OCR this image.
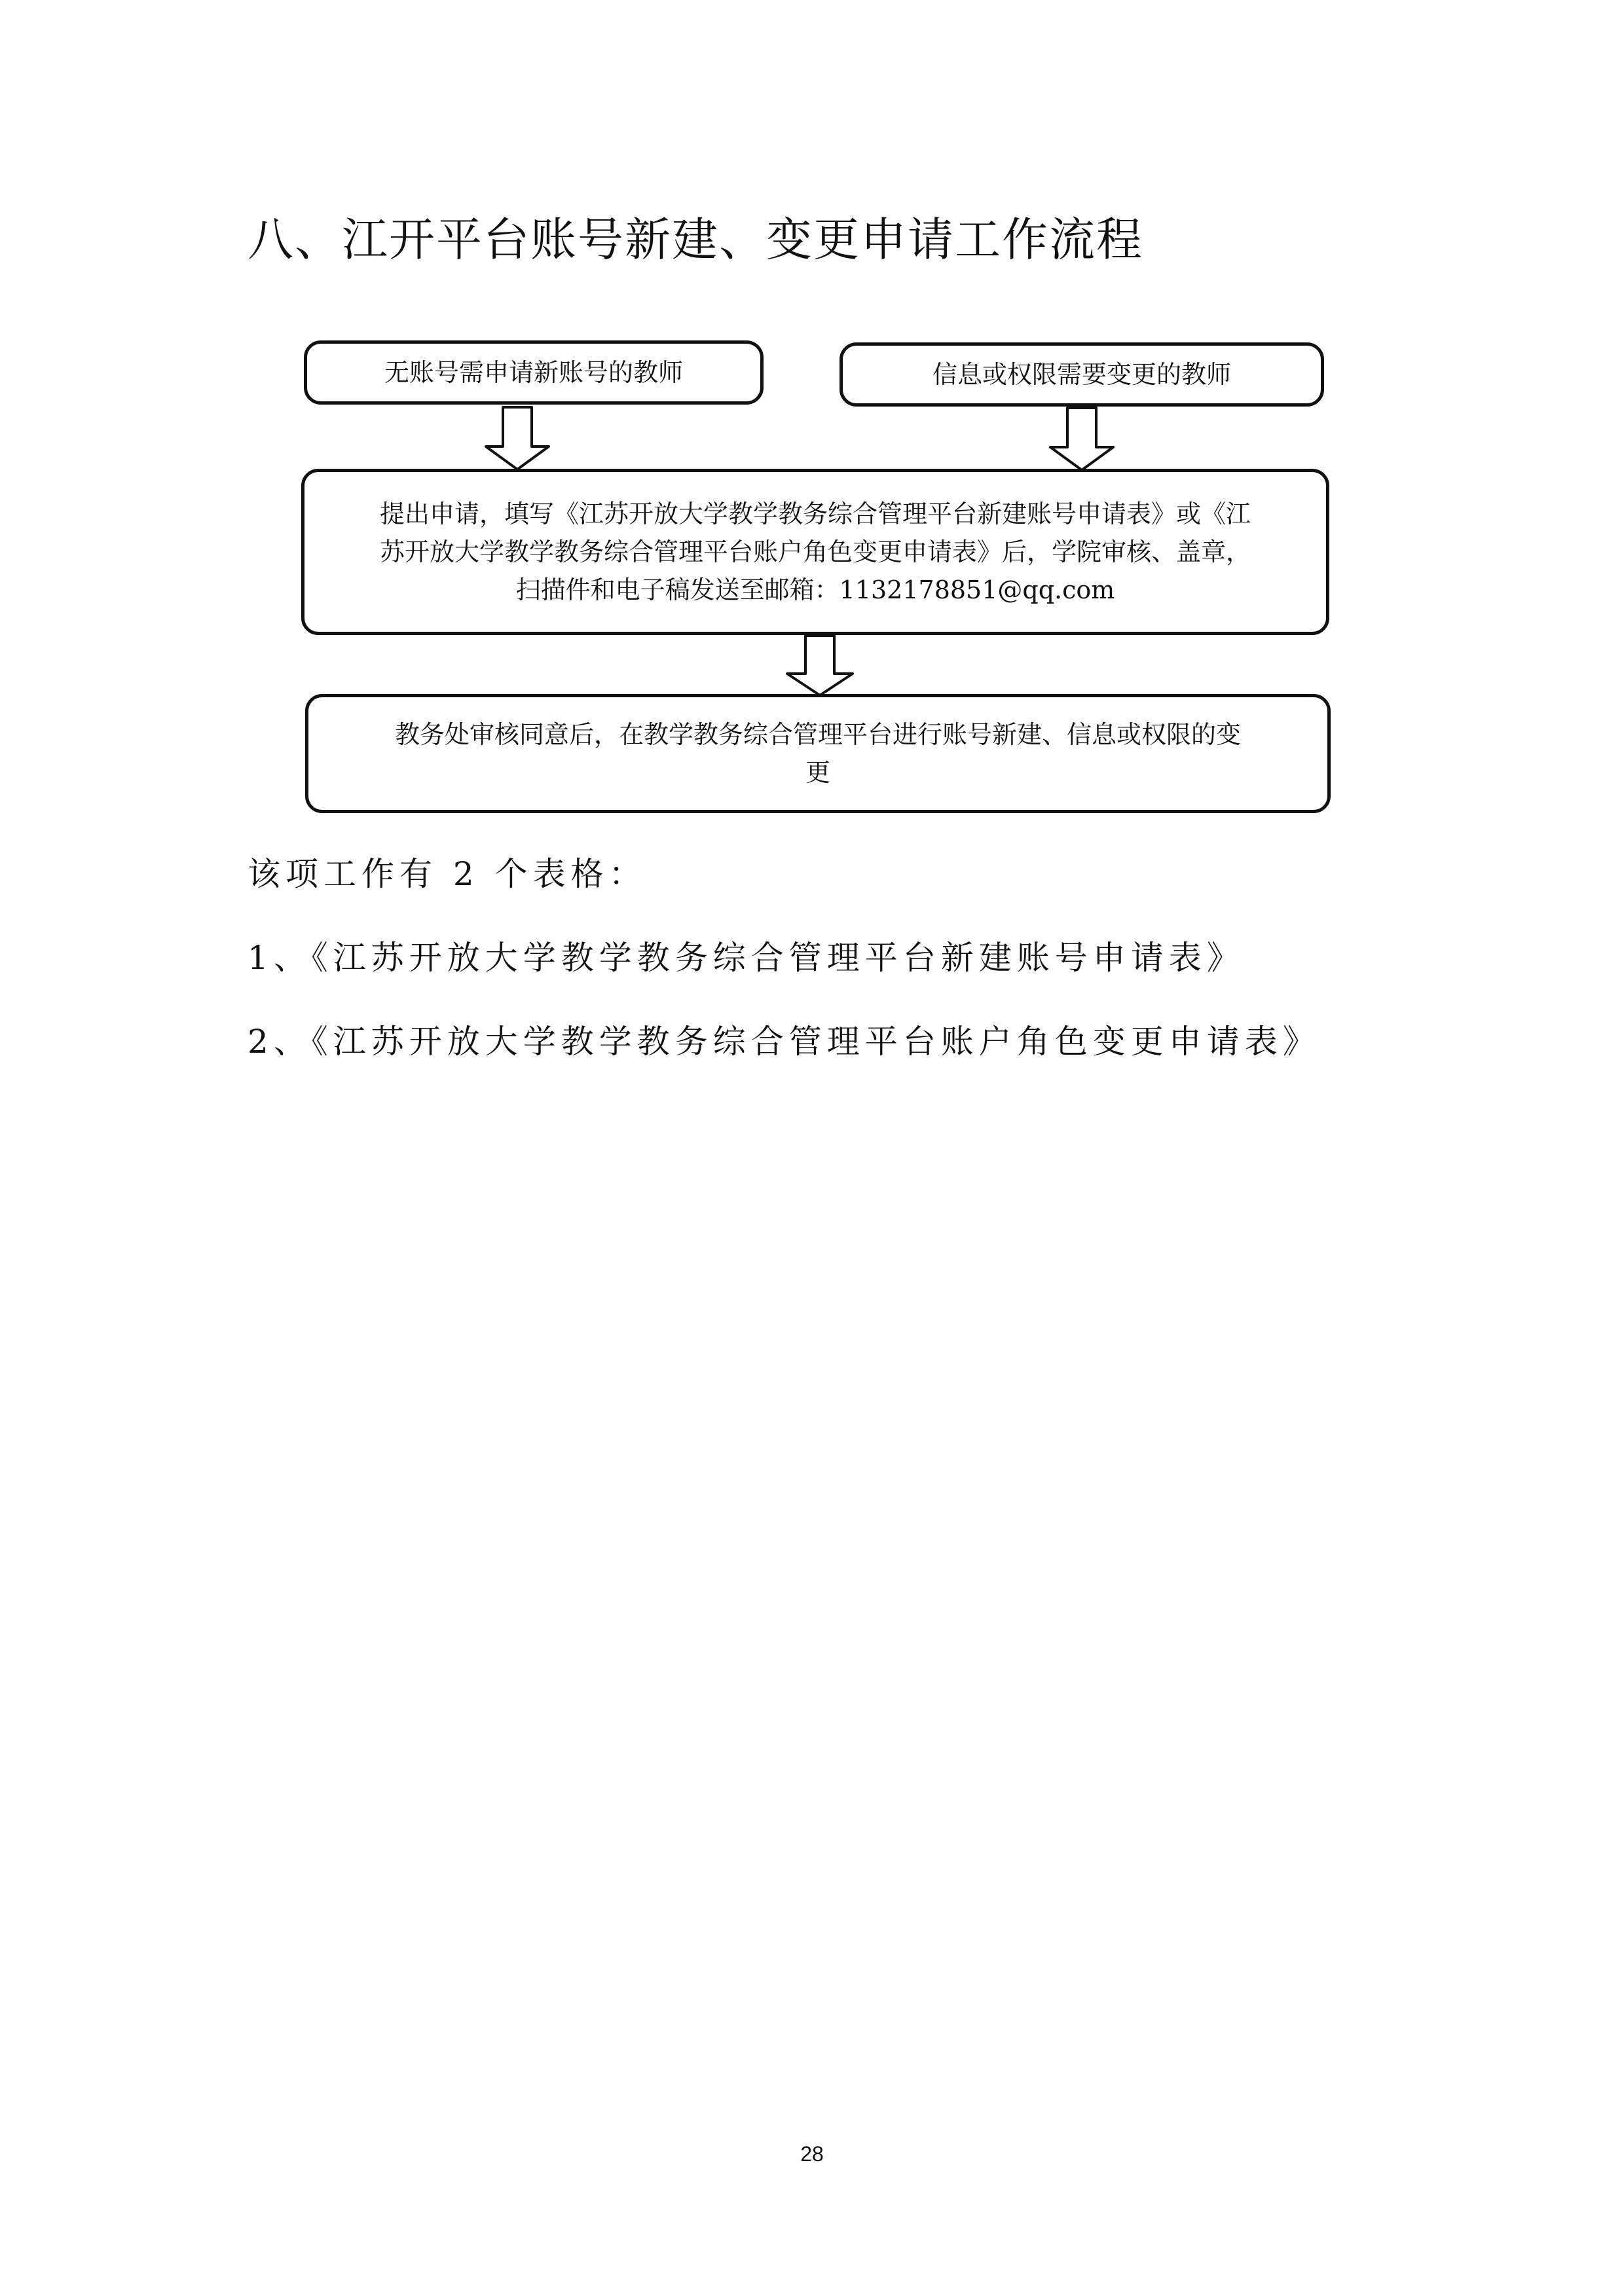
八、江开平台账号新建、变更申请工作流程
无账号需申请新账号的教师	信息或权限需要变更的教师
提出申请，填写《江苏开放大学教学教务综合管理平台新建账号申请表》或《江
苏开放大学教学教务综合管理平台账户角色变更申请表》后，学院审核、盖章，
扫描件和电子稿发送至邮箱：1132178851@qq.com
教务处审核同意后，在教学教务综合管理平台进行账号新建、信息或权限的变
更
该项工作有 2 个表格：
1、《江苏开放大学教学教务综合管理平台新建账号申请表》
2、《江苏开放大学教学教务综合管理平台账户角色变更申请表》
28
